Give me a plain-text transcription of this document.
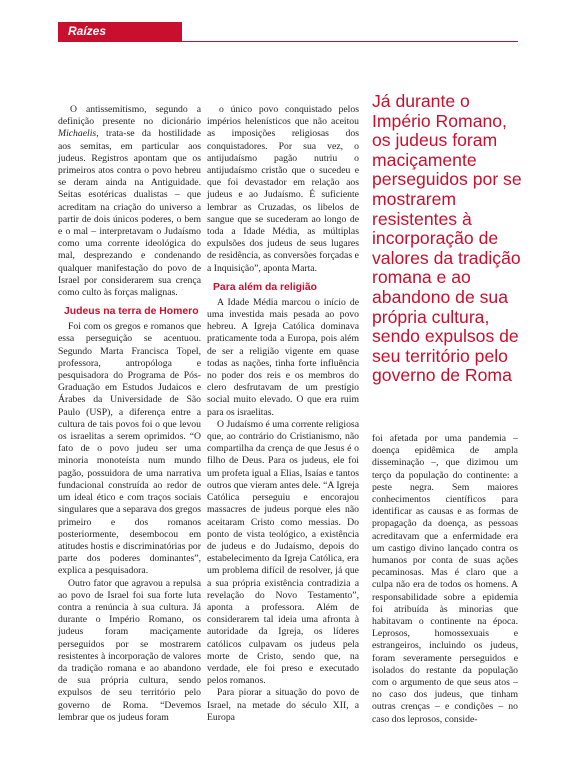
Raízes

O antissemitismo, segundo a definição presente no dicionário Michaelis, trata-se da hostilidade aos semitas, em particular aos judeus. Registros apontam que os primeiros atos contra o povo hebreu se deram ainda na Antiguidade. Seitas esotéricas dualistas – que acreditam na criação do universo a partir de dois únicos poderes, o bem e o mal – interpretavam o Judaísmo como uma corrente ideológica do mal, desprezando e condenando qualquer manifestação do povo de Israel por considerarem sua crença como culto às forças malignas.

Judeus na terra de Homero

Foi com os gregos e romanos que essa perseguição se acentuou. Segundo Marta Francisca Topel, professora, antropóloga e pesquisadora do Programa de Pós-Graduação em Estudos Judaicos e Árabes da Universidade de São Paulo (USP), a diferença entre a cultura de tais povos foi o que levou os israelitas a serem oprimidos. “O fato de o povo judeu ser uma minoria monoteísta num mundo pagão, possuidora de uma narrativa fundacional construída ao redor de um ideal ético e com traços sociais singulares que a separava dos gregos primeiro e dos romanos posteriormente, desembocou em atitudes hostis e discriminatórias por parte dos poderes dominantes”, explica a pesquisadora.

Outro fator que agravou a repulsa ao povo de Israel foi sua forte luta contra a renúncia à sua cultura. Já durante o Império Romano, os judeus foram maciçamente perseguidos por se mostrarem resistentes à incorporação de valores da tradição romana e ao abandono de sua própria cultura, sendo expulsos de seu território pelo governo de Roma. “Devemos lembrar que os judeus foram

o único povo conquistado pelos impérios helenísticos que não aceitou as imposições religiosas dos conquistadores. Por sua vez, o antijudaísmo pagão nutriu o antijudaísmo cristão que o sucedeu e que foi devastador em relação aos judeus e ao Judaísmo. É suficiente lembrar as Cruzadas, os libelos de sangue que se sucederam ao longo de toda a Idade Média, as múltiplas expulsões dos judeus de seus lugares de residência, as conversões forçadas e a Inquisição”, aponta Marta.

Para além da religião

A Idade Média marcou o início de uma investida mais pesada ao povo hebreu. A Igreja Católica dominava praticamente toda a Europa, pois além de ser a religião vigente em quase todas as nações, tinha forte influência no poder dos reis e os membros do clero desfrutavam de um prestígio social muito elevado. O que era ruim para os israelitas.

O Judaísmo é uma corrente religiosa que, ao contrário do Cristianismo, não compartilha da crença de que Jesus é o filho de Deus. Para os judeus, ele foi um profeta igual a Elias, Isaías e tantos outros que vieram antes dele. “A Igreja Católica perseguiu e encorajou massacres de judeus porque eles não aceitaram Cristo como messias. Do ponto de vista teológico, a existência de judeus e do Judaísmo, depois do estabelecimento da Igreja Católica, era um problema difícil de resolver, já que a sua própria existência contradizia a revelação do Novo Testamento”, aponta a professora. Além de considerarem tal ideia uma afronta à autoridade da Igreja, os líderes católicos culpavam os judeus pela morte de Cristo, sendo que, na verdade, ele foi preso e executado pelos romanos.

Para piorar a situação do povo de Israel, na metade do século XII, a Europa

Já durante o Império Romano, os judeus foram maciçamente perseguidos por se mostrarem resistentes à incorporação de valores da tradição romana e ao abandono de sua própria cultura, sendo expulsos de seu território pelo governo de Roma

foi afetada por uma pandemia – doença epidêmica de ampla disseminação –, que dizimou um terço da população do continente: a peste negra. Sem maiores conhecimentos científicos para identificar as causas e as formas de propagação da doença, as pessoas acreditavam que a enfermidade era um castigo divino lançado contra os humanos por conta de suas ações pecaminosas. Mas é claro que a culpa não era de todos os homens. A responsabilidade sobre a epidemia foi atribuída às minorias que habitavam o continente na época. Leprosos, homossexuais e estrangeiros, incluindo os judeus, foram severamente perseguidos e isolados do restante da população com o argumento de que seus atos – no caso dos judeus, que tinham outras crenças – e condições – no caso dos leprosos, conside-
